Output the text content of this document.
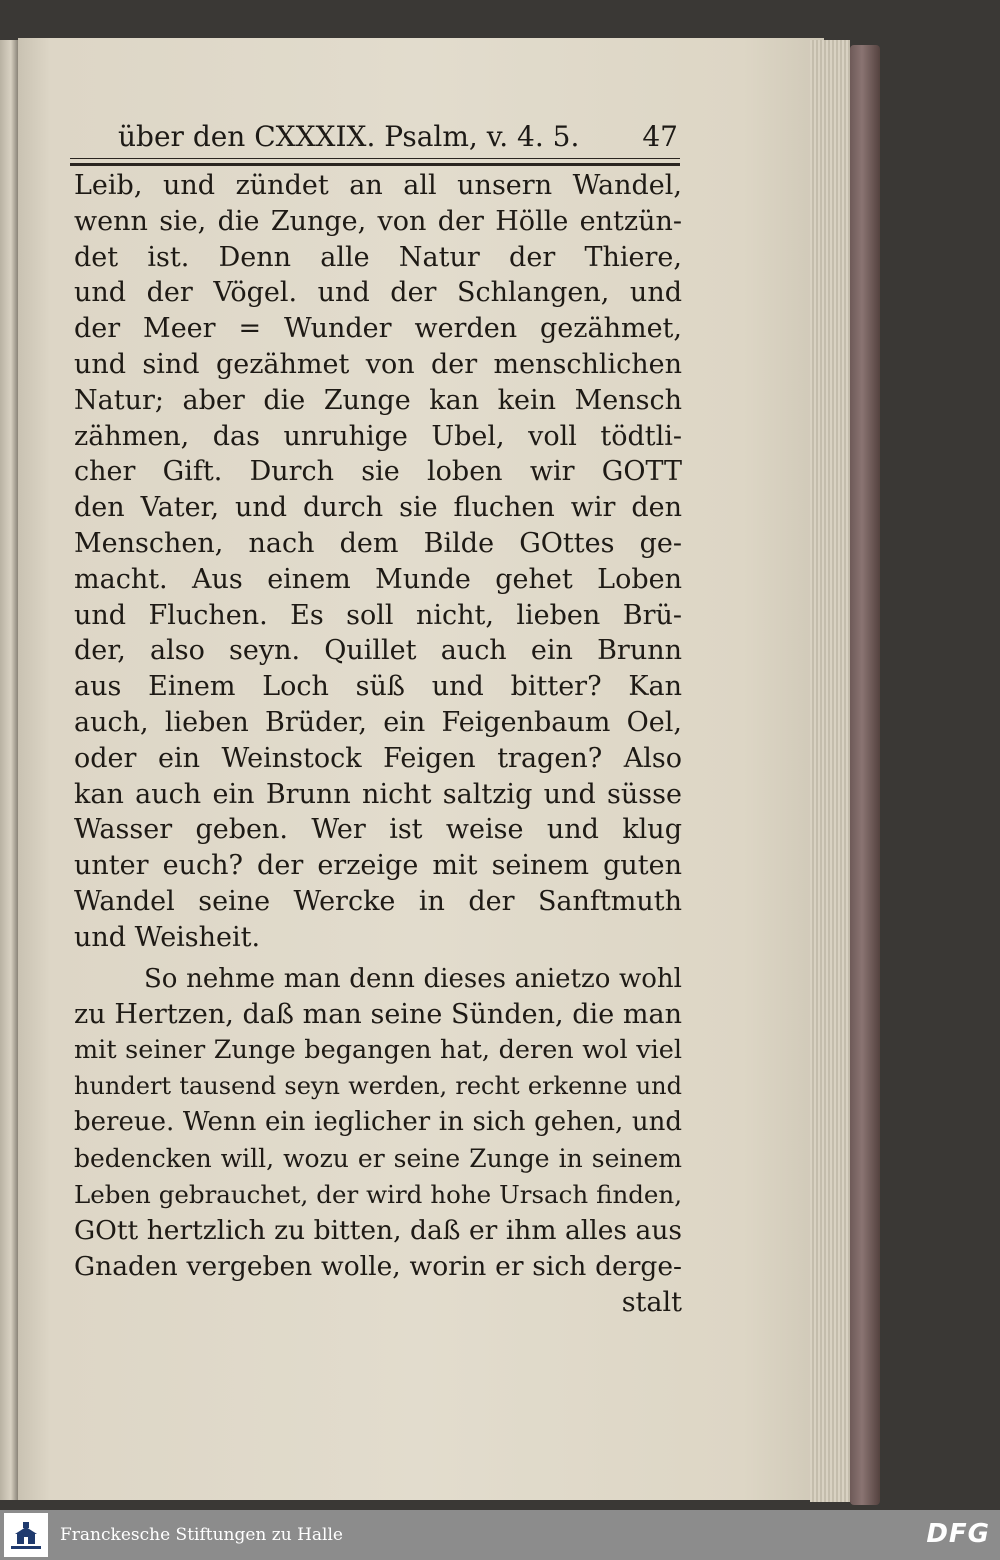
über den CXXXIX. Psalm, v. 4. 5. 47
Leib, und zündet an all unsern Wandel,
wenn sie, die Zunge, von der Hölle entzün-
det ist. Denn alle Natur der Thiere,
und der Vögel. und der Schlangen, und
der Meer = Wunder werden gezähmet,
und sind gezähmet von der menschlichen
Natur; aber die Zunge kan kein Mensch
zähmen, das unruhige Ubel, voll tödtli-
cher Gift. Durch sie loben wir GOTT
den Vater, und durch sie fluchen wir den
Menschen, nach dem Bilde GOttes ge-
macht. Aus einem Munde gehet Loben
und Fluchen. Es soll nicht, lieben Brü-
der, also seyn. Quillet auch ein Brunn
aus Einem Loch süß und bitter? Kan
auch, lieben Brüder, ein Feigenbaum Oel,
oder ein Weinstock Feigen tragen? Also
kan auch ein Brunn nicht saltzig und süsse
Wasser geben. Wer ist weise und klug
unter euch? der erzeige mit seinem guten
Wandel seine Wercke in der Sanftmuth
und Weisheit.
So nehme man denn dieses anietzo wohl
zu Hertzen, daß man seine Sünden, die man
mit seiner Zunge begangen hat, deren wol viel
hundert tausend seyn werden, recht erkenne und
bereue. Wenn ein ieglicher in sich gehen, und
bedencken will, wozu er seine Zunge in seinem
Leben gebrauchet, der wird hohe Ursach finden,
GOtt hertzlich zu bitten, daß er ihm alles aus
Gnaden vergeben wolle, worin er sich derge-
stalt
Franckesche Stiftungen zu Halle	DFG
